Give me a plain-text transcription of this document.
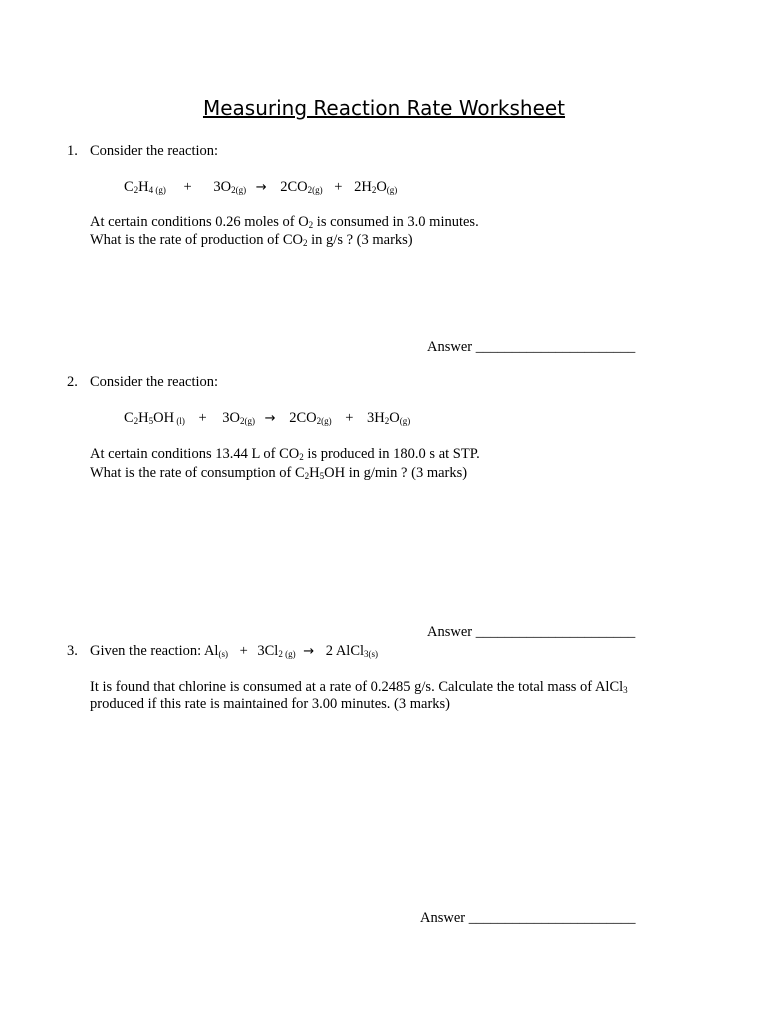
Measuring Reaction Rate Worksheet
1. Consider the reaction:
$C_2H_{4 (g)} + 3O_{2(g)} \to 2CO_{2(g)} + 2H_2O_{(g)}$
At certain conditions 0.26 moles of $O_2$ is consumed in 3.0 minutes.
What is the rate of production of $CO_2$ in g/s ? (3 marks)
Answer ______________________
2. Consider the reaction:
$C_2H_5OH$ $_{(l)} + 3O_{2(g)} \to 2CO_{2(g)} + 3H_2O_{(g)}$
At certain conditions 13.44 L of $CO_2$ is produced in 180.0 s at STP.
What is the rate of consumption of $C_2H_5OH$ in g/min ? (3 marks)
Answer ______________________
3. Given the reaction: $Al_{(s)} + 3Cl_{2 (g)} \to 2$ AlCl$_{3(s)}$
It is found that chlorine is consumed at a rate of 0.2485 g/s. Calculate the total mass of AlCl$_3$
produced if this rate is maintained for 3.00 minutes. (3 marks)
Answer _______________________
